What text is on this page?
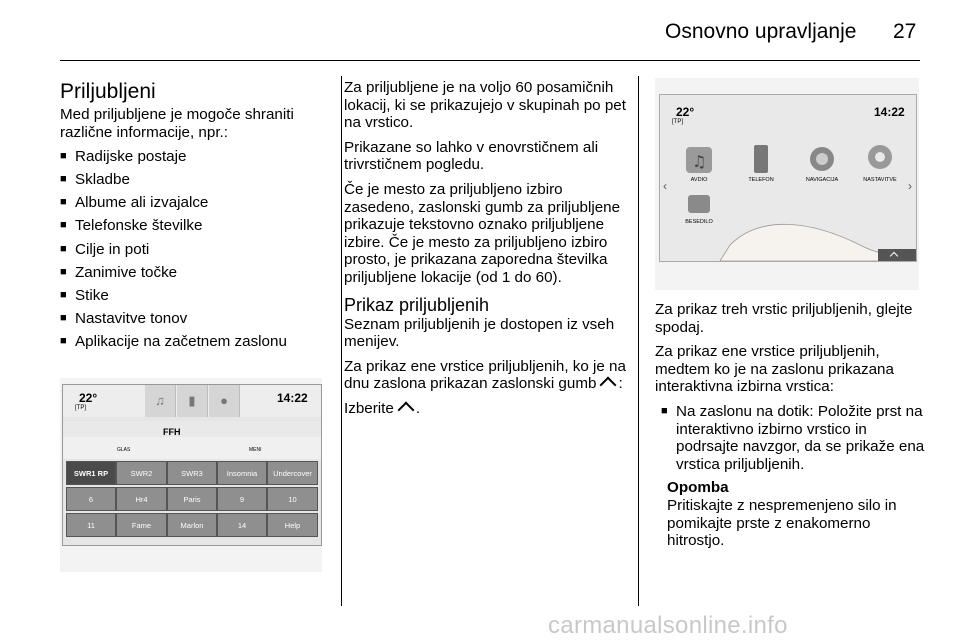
Osnovno upravljanje 27
Priljubljeni

Med priljubljene je mogoče shraniti različne informacije, npr.:

■ Radijske postaje
■ Skladbe
■ Albume ali izvajalce
■ Telefonske številke
■ Cilje in poti
■ Zanimive točke
■ Stike
■ Nastavitve tonov
■ Aplikacije na začetnem zaslonu
22°
[TP]
14:22
♫	▮	●
FFH
GLAS	MENI
SWR1 RP	SWR2	SWR3	Insomnia	Undercover
6	Hr4	Paris	9	10
11	Fame	Marlon	14	Help

Za priljubljene je na voljo 60 posamičnih lokacij, ki se prikazujejo v skupinah po pet na vrstico.

Prikazane so lahko v enovrstičnem ali trivrstičnem pogledu.

Če je mesto za priljubljeno izbiro zasedeno, zaslonski gumb za priljubljene prikazuje tekstovno oznako priljubljene izbire. Če je mesto za priljubljeno izbiro prosto, je prikazana zaporedna številka priljubljene lokacije (od 1 do 60).

Prikaz priljubljenih

Seznam priljubljenih je dostopen iz vseh menijev.

Za prikaz ene vrstice priljubljenih, ko je na dnu zaslona prikazan zaslonski gumb :

Izberite .

22°
[TP]
14:22
♫
AVDIO	TELEFON	NAVIGACIJA	NASTAVITVE
BESEDILO
‹	›

Za prikaz treh vrstic priljubljenih, glejte spodaj.

Za prikaz ene vrstice priljubljenih, medtem ko je na zaslonu prikazana interaktivna izbirna vrstica:

■ Na zaslonu na dotik: Položite prst na interaktivno izbirno vrstico in podrsajte navzgor, da se prikaže ena vrstica priljubljenih.
Opomba
Pritiskajte z nespremenjeno silo in pomikajte prste z enakomerno hitrostjo.
carmanualsonline.info
